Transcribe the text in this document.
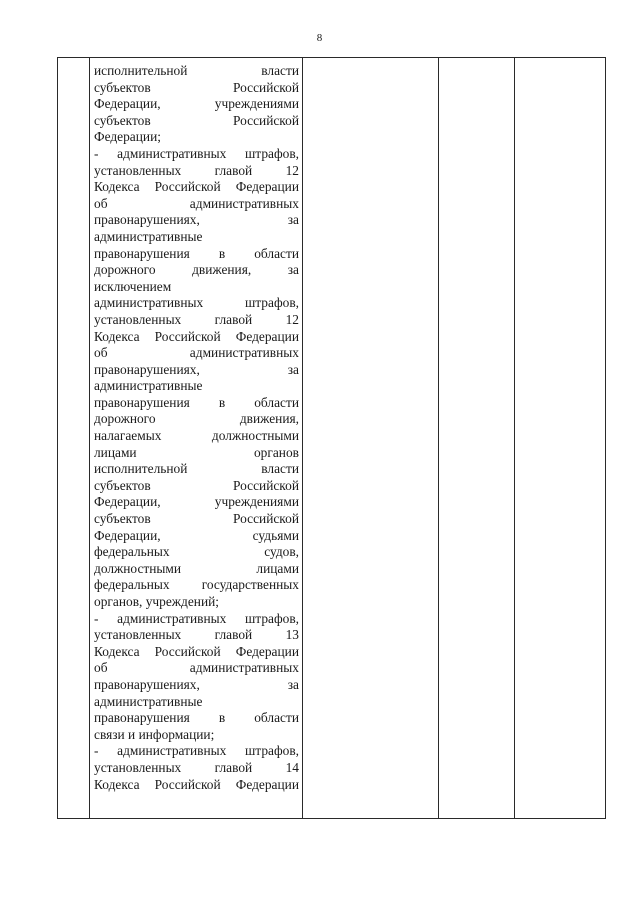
8

исполнительной власти
субъектов Российской
Федерации, учреждениями
субъектов Российской
Федерации;
- административных штрафов,
установленных главой 12
Кодекса Российской Федерации
об административных
правонарушениях, за
административные
правонарушения в области
дорожного движения, за
исключением
административных штрафов,
установленных главой 12
Кодекса Российской Федерации
об административных
правонарушениях, за
административные
правонарушения в области
дорожного движения,
налагаемых должностными
лицами органов
исполнительной власти
субъектов Российской
Федерации, учреждениями
субъектов Российской
Федерации, судьями
федеральных судов,
должностными лицами
федеральных государственных
органов, учреждений;
- административных штрафов,
установленных главой 13
Кодекса Российской Федерации
об административных
правонарушениях, за
административные
правонарушения в области
связи и информации;
- административных штрафов,
установленных главой 14
Кодекса Российской Федерации
